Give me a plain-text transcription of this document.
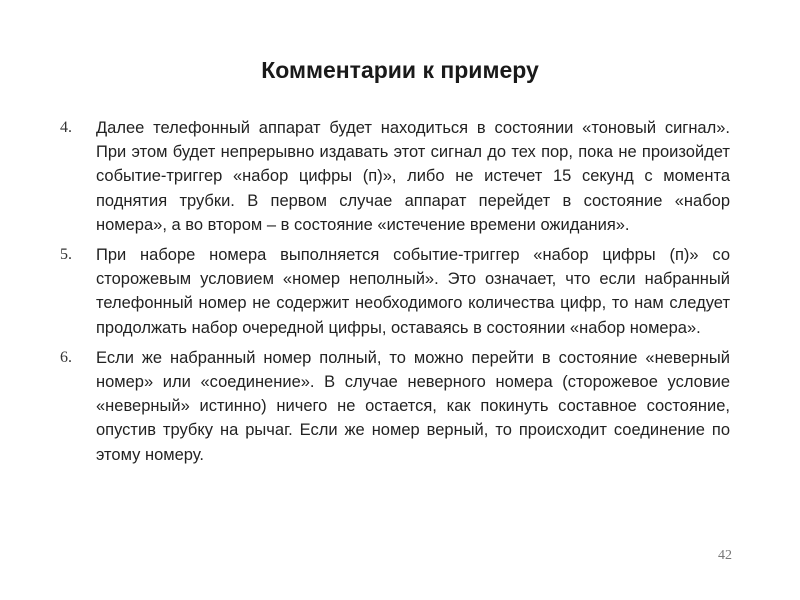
Комментарии к примеру
4. Далее телефонный аппарат будет находиться в состоянии «тоновый сигнал». При этом будет непрерывно издавать этот сигнал до тех пор, пока не произойдет событие-триггер «набор цифры (п)», либо не истечет 15 секунд с момента поднятия трубки. В первом случае аппарат перейдет в состояние «набор номера», а во втором – в состояние «истечение времени ожидания».
5. При наборе номера выполняется событие-триггер «набор цифры (п)» со сторожевым условием «номер неполный». Это означает, что если набранный телефонный номер не содержит необходимого количества цифр, то нам следует продолжать набор очередной цифры, оставаясь в состоянии «набор номера».
6. Если же набранный номер полный, то можно перейти в состояние «неверный номер» или «соединение». В случае неверного номера (сторожевое условие «неверный» истинно) ничего не остается, как покинуть составное состояние, опустив трубку на рычаг. Если же номер верный, то происходит соединение по этому номеру.
42
